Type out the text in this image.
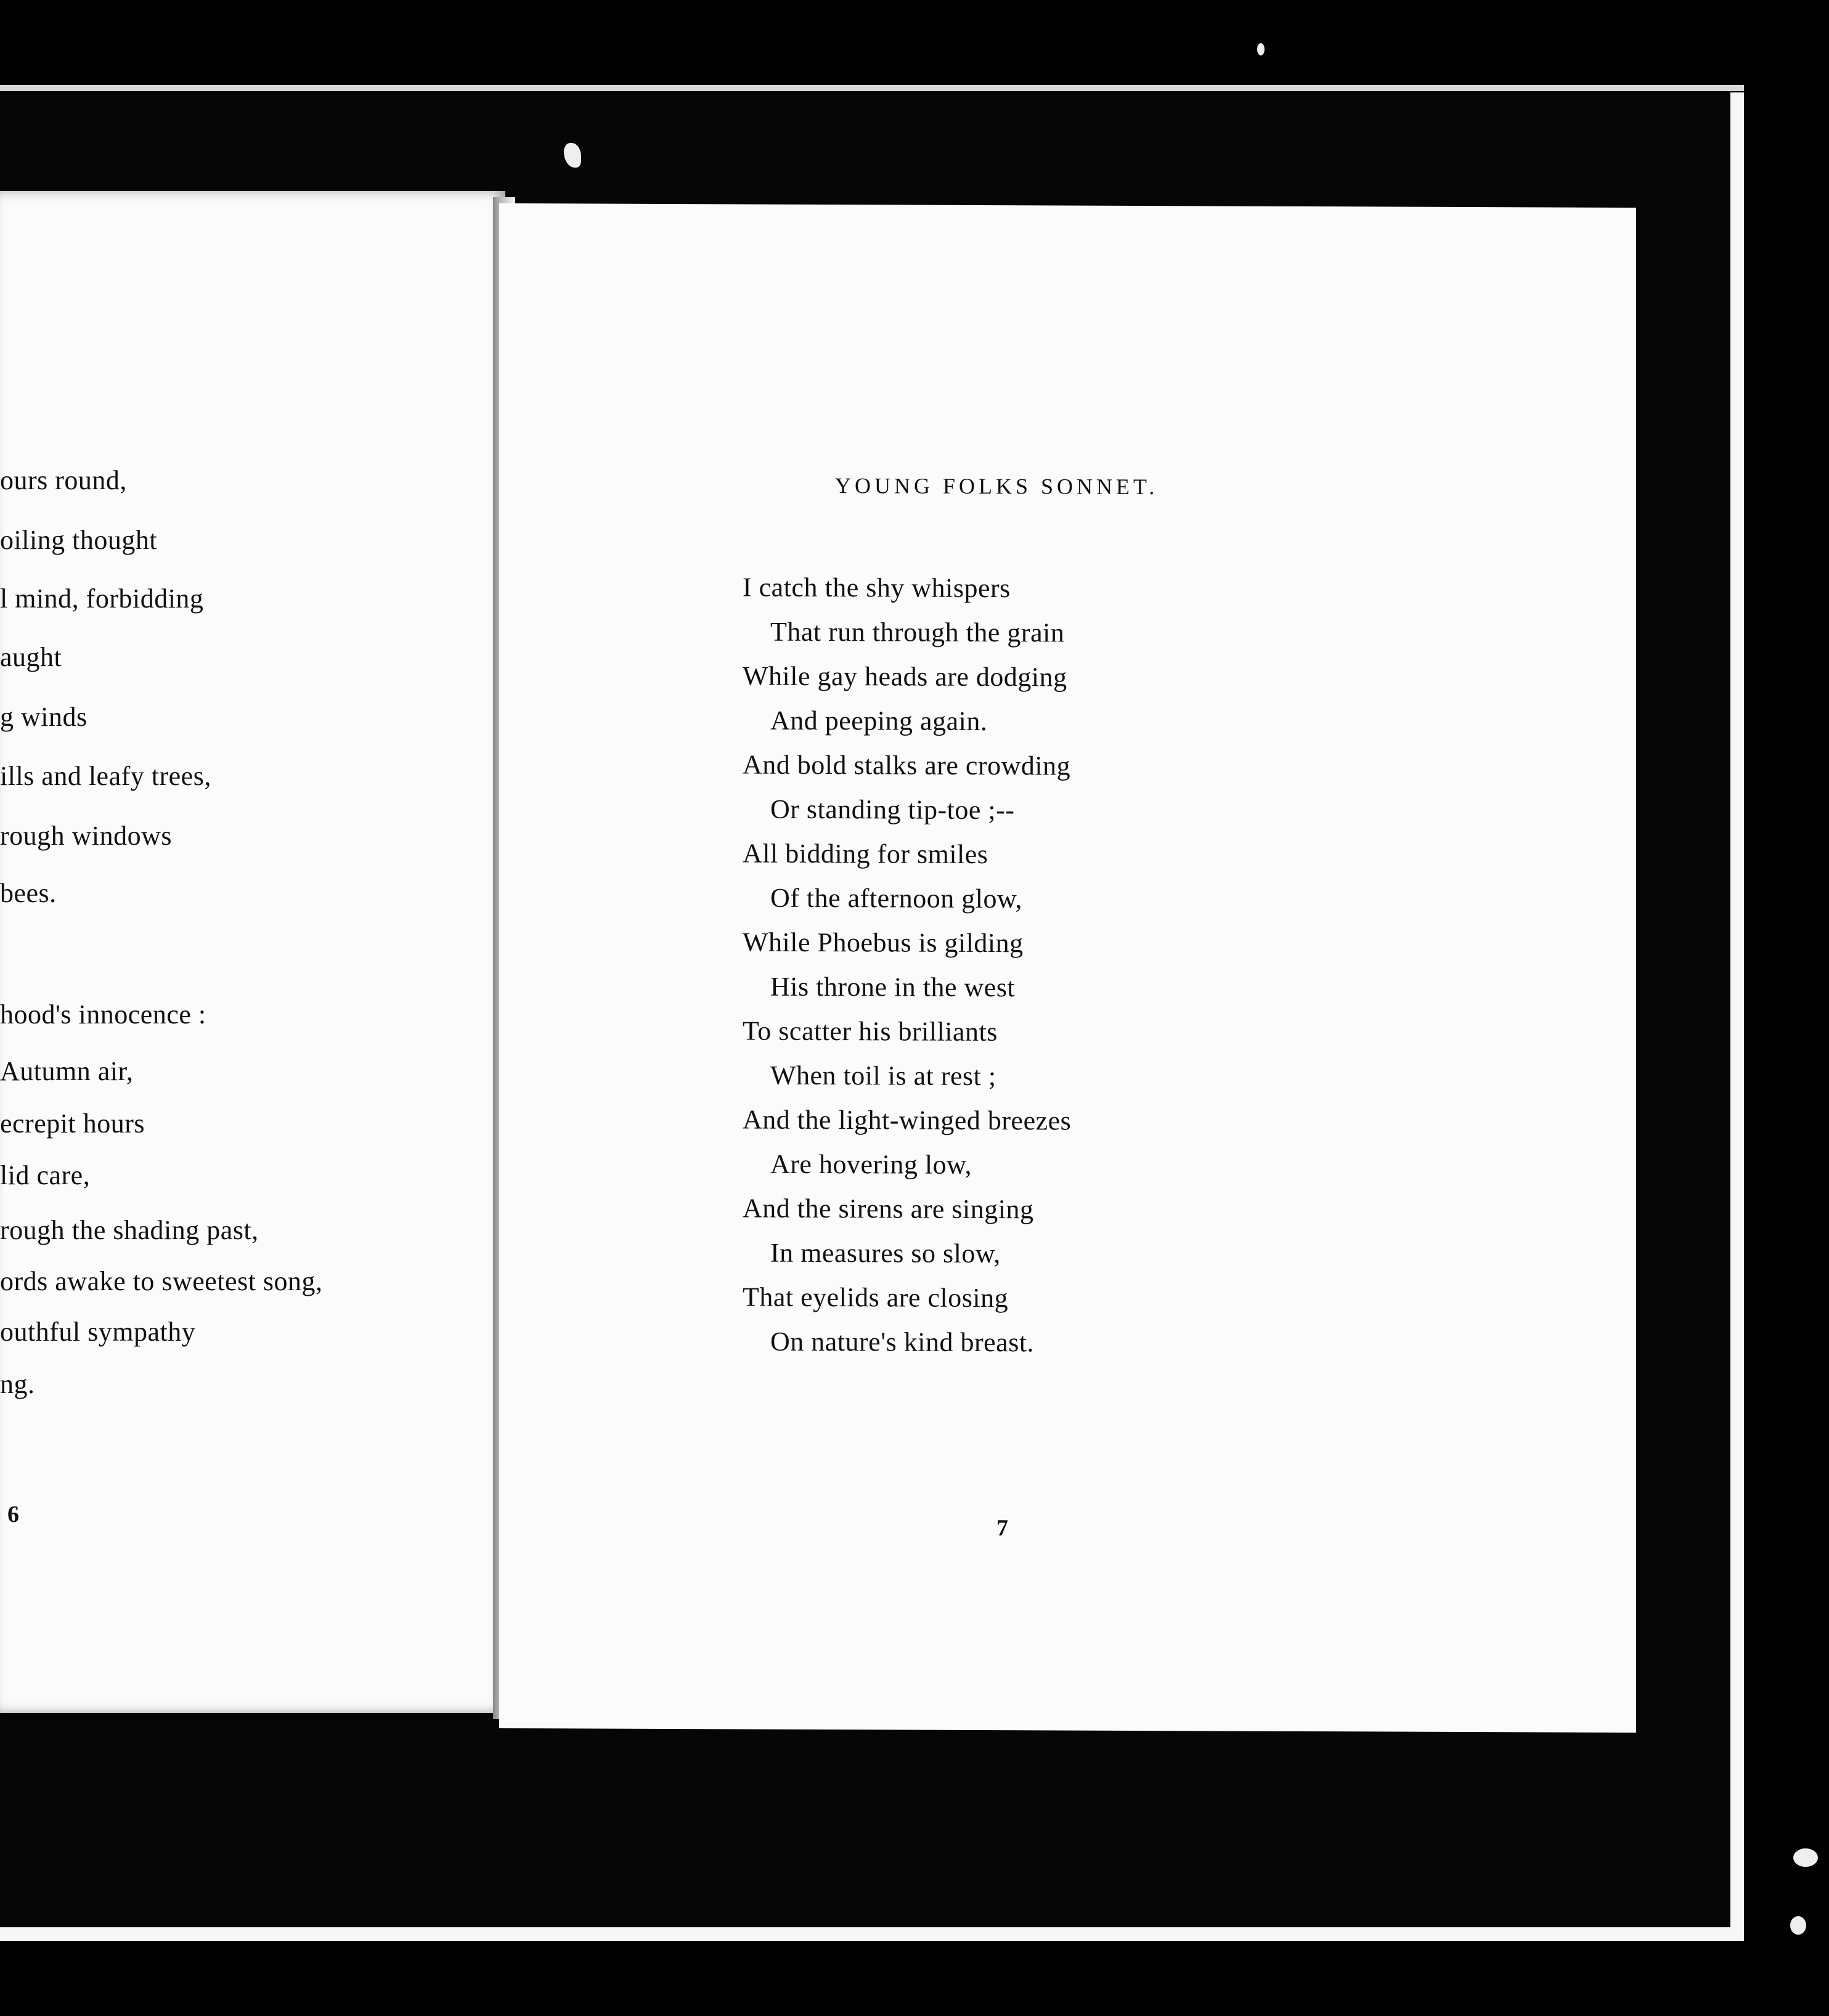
6
ours round,
oiling thought
l mind, forbidding
aught
g winds
ills and leafy trees,
rough windows
bees.
hood's innocence :
Autumn air,
ecrepit hours
lid care,
rough the shading past,
ords awake to sweetest song,
outhful sympathy
ng.
YOUNG FOLKS SONNET.
7
I catch the shy whispers
That run through the grain
While gay heads are dodging
And peeping again.
And bold stalks are crowding
Or standing tip-toe ;--
All bidding for smiles
Of the afternoon glow,
While Phoebus is gilding
His throne in the west
To scatter his brilliants
When toil is at rest ;
And the light-winged breezes
Are hovering low,
And the sirens are singing
In measures so slow,
That eyelids are closing
On nature's kind breast.
